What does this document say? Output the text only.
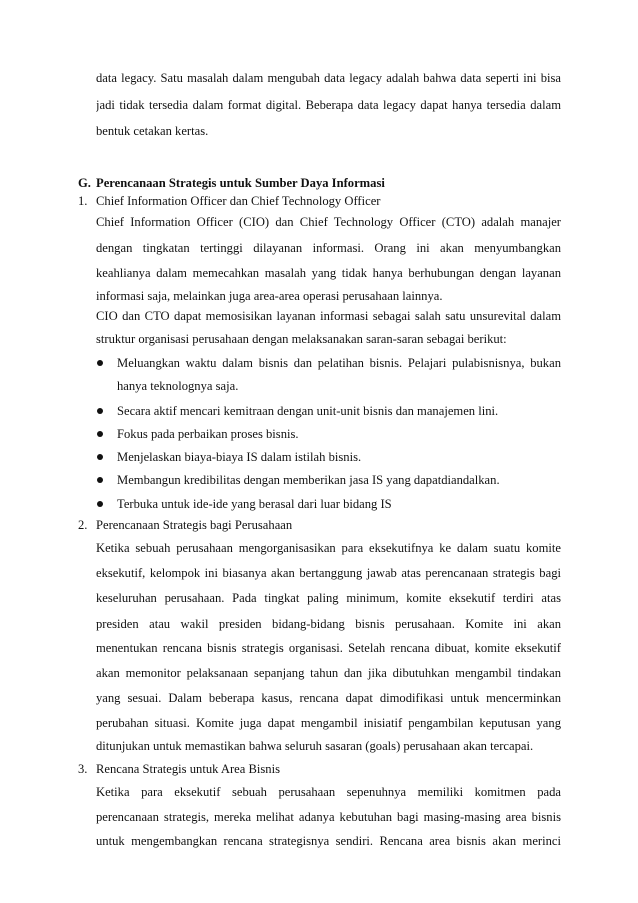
data legacy. Satu masalah dalam mengubah data legacy adalah bahwa data seperti ini bisa
jadi tidak tersedia dalam format digital. Beberapa data legacy dapat hanya tersedia dalam
bentuk cetakan kertas.
G. Perencanaan Strategis untuk Sumber Daya Informasi
1. Chief Information Officer dan Chief Technology Officer
Chief Information Officer (CIO) dan Chief Technology Officer (CTO) adalah manajer
dengan tingkatan tertinggi dilayanan informasi. Orang ini akan menyumbangkan
keahlianya dalam memecahkan masalah yang tidak hanya berhubungan dengan layanan
informasi saja, melainkan juga area-area operasi perusahaan lainnya.
CIO dan CTO dapat memosisikan layanan informasi sebagai salah satu unsurevital dalam
struktur organisasi perusahaan dengan melaksanakan saran-saran sebagai berikut:
Meluangkan waktu dalam bisnis dan pelatihan bisnis. Pelajari pulabisnisnya, bukan
hanya teknolognya saja.
Secara aktif mencari kemitraan dengan unit-unit bisnis dan manajemen lini.
Fokus pada perbaikan proses bisnis.
Menjelaskan biaya-biaya IS dalam istilah bisnis.
Membangun kredibilitas dengan memberikan jasa IS yang dapatdiandalkan.
Terbuka untuk ide-ide yang berasal dari luar bidang IS
2. Perencanaan Strategis bagi Perusahaan
Ketika sebuah perusahaan mengorganisasikan para eksekutifnya ke dalam suatu komite
eksekutif, kelompok ini biasanya akan bertanggung jawab atas perencanaan strategis bagi
keseluruhan perusahaan. Pada tingkat paling minimum, komite eksekutif terdiri atas
presiden atau wakil presiden bidang-bidang bisnis perusahaan. Komite ini akan
menentukan rencana bisnis strategis organisasi. Setelah rencana dibuat, komite eksekutif
akan memonitor pelaksanaan sepanjang tahun dan jika dibutuhkan mengambil tindakan
yang sesuai. Dalam beberapa kasus, rencana dapat dimodifikasi untuk mencerminkan
perubahan situasi. Komite juga dapat mengambil inisiatif pengambilan keputusan yang
ditunjukan untuk memastikan bahwa seluruh sasaran (goals) perusahaan akan tercapai.
3. Rencana Strategis untuk Area Bisnis
Ketika para eksekutif sebuah perusahaan sepenuhnya memiliki komitmen pada
perencanaan strategis, mereka melihat adanya kebutuhan bagi masing-masing area bisnis
untuk mengembangkan rencana strategisnya sendiri. Rencana area bisnis akan merinci
